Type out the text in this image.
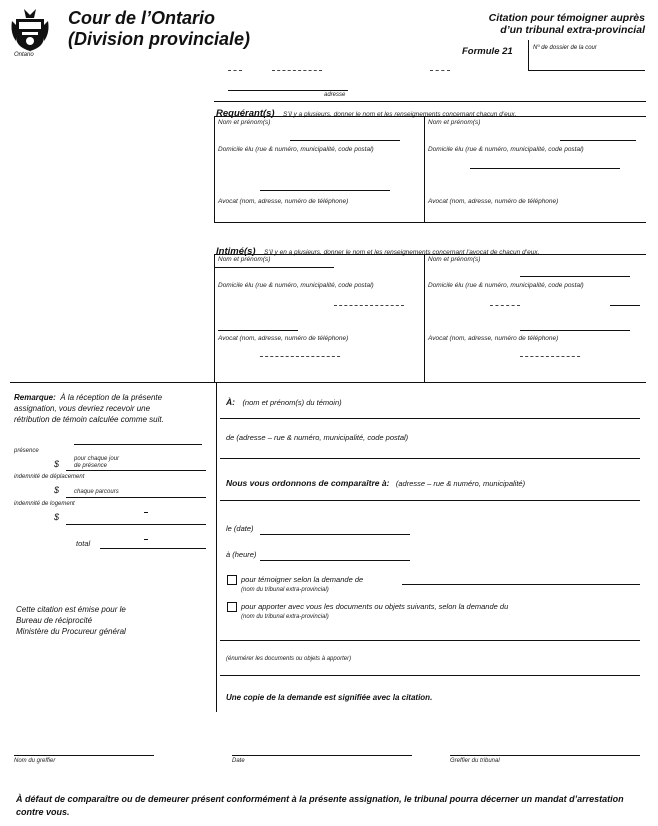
Ontario
Cour de l’Ontario
(Division provinciale)
Citation pour témoigner auprès
d’un tribunal extra-provincial
Formule 21	Nº de dossier de la cour
adresse
Requérant(s) S’il y a plusieurs, donner le nom et les renseignements concernant chacun d’eux.
Nom et prénom(s)	Nom et prénom(s)
Domicile élu (rue & numéro, municipalité, code postal)	Domicile élu (rue & numéro, municipalité, code postal)
Avocat (nom, adresse, numéro de téléphone)	Avocat (nom, adresse, numéro de téléphone)
Intimé(s) S’il y en a plusieurs, donner le nom et les renseignements concernant l’avocat de chacun d’eux.
Nom et prénom(s)	Nom et prénom(s)
Domicile élu (rue & numéro, municipalité, code postal)	Domicile élu (rue & numéro, municipalité, code postal)
Avocat (nom, adresse, numéro de téléphone)	Avocat (nom, adresse, numéro de téléphone)
Remarque: À la réception de la présente
assignation, vous devriez recevoir une
rétribution de témoin calculée comme suit.
présence
$ pour chaque jour
de présence
indemnité de déplacement
$ chaque parcours
indemnité de logement
$
total
Cette citation est émise pour le
Bureau de réciprocité
Ministère du Procureur général
À: (nom et prénom(s) du témoin)
de (adresse – rue & numéro, municipalité, code postal)
Nous vous ordonnons de comparaître à: (adresse – rue & numéro, municipalité)
le (date)
à (heure)
pour témoigner selon la demande de
(nom du tribunal extra-provincial)
pour apporter avec vous les documents ou objets suivants, selon la demande du
(nom du tribunal extra-provincial)
(énumérer les documents ou objets à apporter)
Une copie de la demande est signifiée avec la citation.
Nom du greffier	Date	Greffier du tribunal
À défaut de comparaître ou de demeurer présent conformément à la présente assignation, le tribunal pourra décerner un mandat d’arrestation contre vous.
